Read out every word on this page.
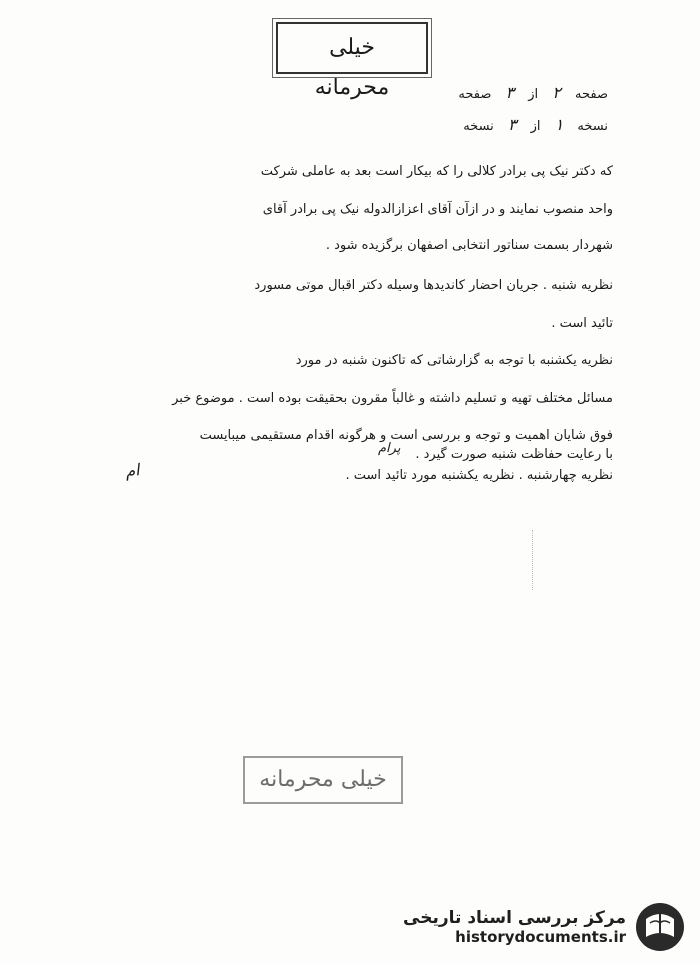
خیلی محرمانه	صفحه ۲ از ۳ صفحه
نسخه ۱ از ۳ نسخه
که دکتر نیک پی برادر کلالی را که بیکار است بعد به عاملی شرکت
واحد منصوب نمایند و در ازآن آقای اعزازالدوله نیک پی برادر آقای
شهردار بسمت سناتور انتخابی اصفهان برگزیده شود .
نظریه شنبه . جریان احضار کاندیدها وسیله دکتر اقبال موتی مسورد
تائید است .
نظریه یکشنبه با توجه به گزارشاتی که تاکنون شنبه در مورد
مسائل مختلف تهیه و تسلیم داشته و غالباً مقرون بحقیقت بوده است . موضوع خبر
فوق شایان اهمیت و توجه و بررسی است و هرگونه اقدام مستقیمی میبایست
با رعایت حفاظت شنبه صورت گیرد .
نظریه چهارشنبه . نظریه یکشنبه مورد تائید است .
پرام
ام
خیلی محرمانه
مرکز بررسی اسناد تاریخی
historydocuments.ir
